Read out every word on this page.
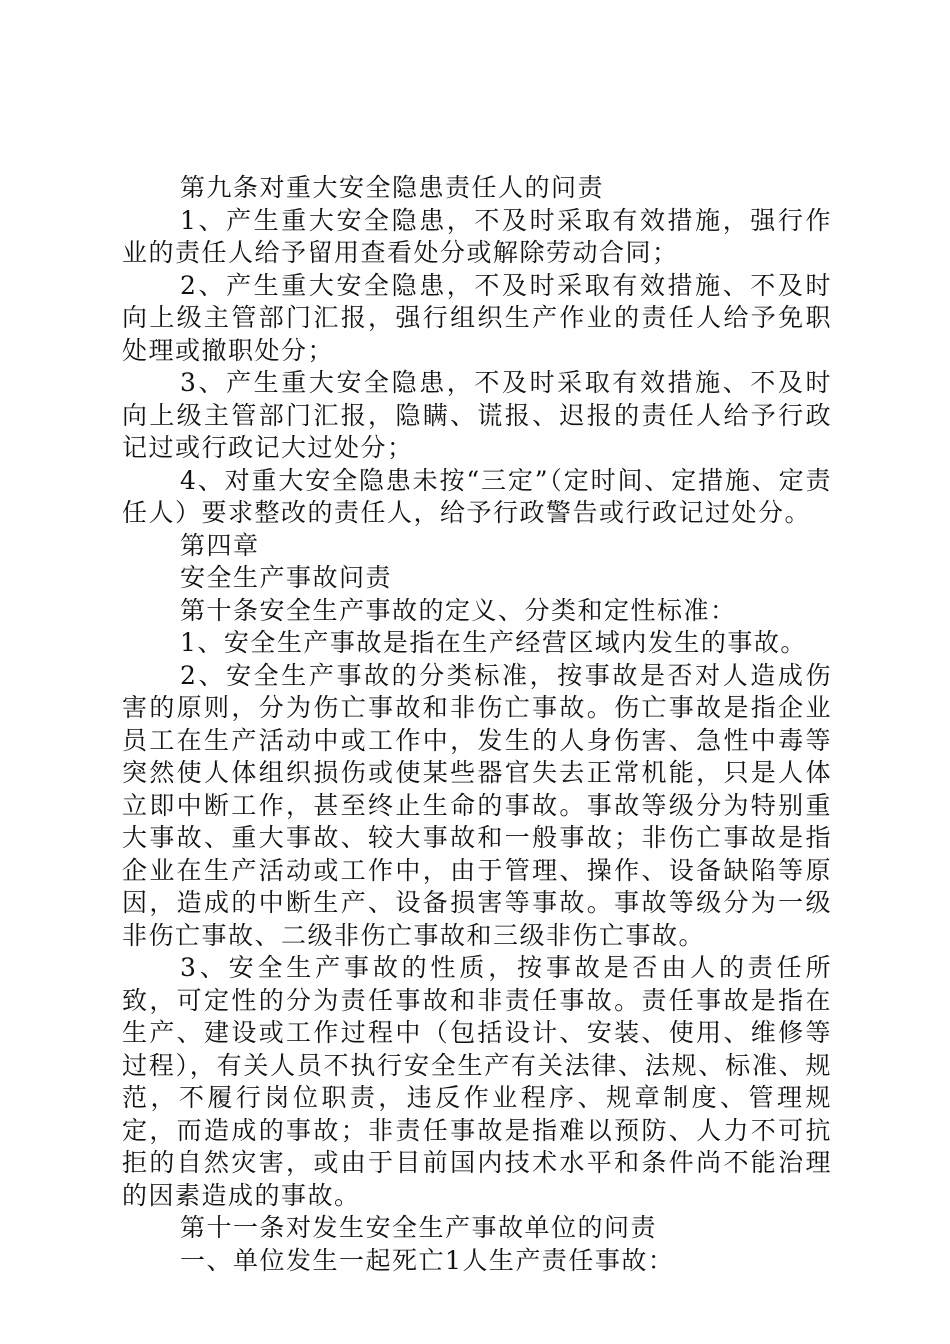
第九条对重大安全隐患责任人的问责

1、产生重大安全隐患，不及时采取有效措施，强行作业的责任人给予留用查看处分或解除劳动合同；

2、产生重大安全隐患，不及时采取有效措施、不及时向上级主管部门汇报，强行组织生产作业的责任人给予免职处理或撤职处分；

3、产生重大安全隐患，不及时采取有效措施、不及时向上级主管部门汇报，隐瞒、谎报、迟报的责任人给予行政记过或行政记大过处分；

4、对重大安全隐患未按“三定”（定时间、定措施、定责任人）要求整改的责任人，给予行政警告或行政记过处分。

第四章

安全生产事故问责

第十条安全生产事故的定义、分类和定性标准：

1、安全生产事故是指在生产经营区域内发生的事故。

2、安全生产事故的分类标准，按事故是否对人造成伤害的原则，分为伤亡事故和非伤亡事故。伤亡事故是指企业员工在生产活动中或工作中，发生的人身伤害、急性中毒等突然使人体组织损伤或使某些器官失去正常机能，只是人体立即中断工作，甚至终止生命的事故。事故等级分为特别重大事故、重大事故、较大事故和一般事故；非伤亡事故是指企业在生产活动或工作中，由于管理、操作、设备缺陷等原因，造成的中断生产、设备损害等事故。事故等级分为一级非伤亡事故、二级非伤亡事故和三级非伤亡事故。

3、安全生产事故的性质，按事故是否由人的责任所致，可定性的分为责任事故和非责任事故。责任事故是指在生产、建设或工作过程中（包括设计、安装、使用、维修等过程），有关人员不执行安全生产有关法律、法规、标准、规范，不履行岗位职责，违反作业程序、规章制度、管理规定，而造成的事故；非责任事故是指难以预防、人力不可抗拒的自然灾害，或由于目前国内技术水平和条件尚不能治理的因素造成的事故。

第十一条对发生安全生产事故单位的问责

一、单位发生一起死亡1人生产责任事故：
